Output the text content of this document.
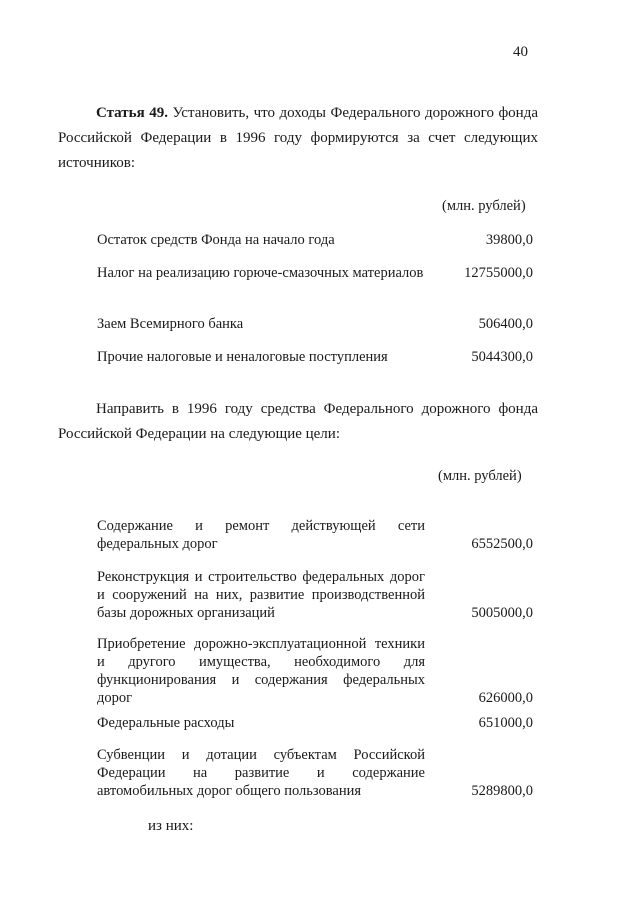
40

Статья 49. Установить, что доходы Федерального дорожного фонда Российской Федерации в 1996 году формируются за счет следующих источников:

(млн. рублей)
Остаток средств Фонда на начало года	39800,0
Налог на реализацию горюче-смазочных материалов	12755000,0
Заем Всемирного банка	506400,0
Прочие налоговые и неналоговые поступления	5044300,0

Направить в 1996 году средства Федерального дорожного фонда Российской Федерации на следующие цели:

(млн. рублей)
Содержание и ремонт действующей сети федеральных дорог	6552500,0
Реконструкция и строительство федеральных дорог и сооружений на них, развитие производственной базы дорожных организаций	5005000,0
Приобретение дорожно-эксплуатационной техники и другого имущества, необходимого для функционирования и содержания федеральных дорог	626000,0
Федеральные расходы	651000,0
Субвенции и дотации субъектам Российской Федерации на развитие и содержание автомобильных дорог общего пользования	5289800,0
из них:
